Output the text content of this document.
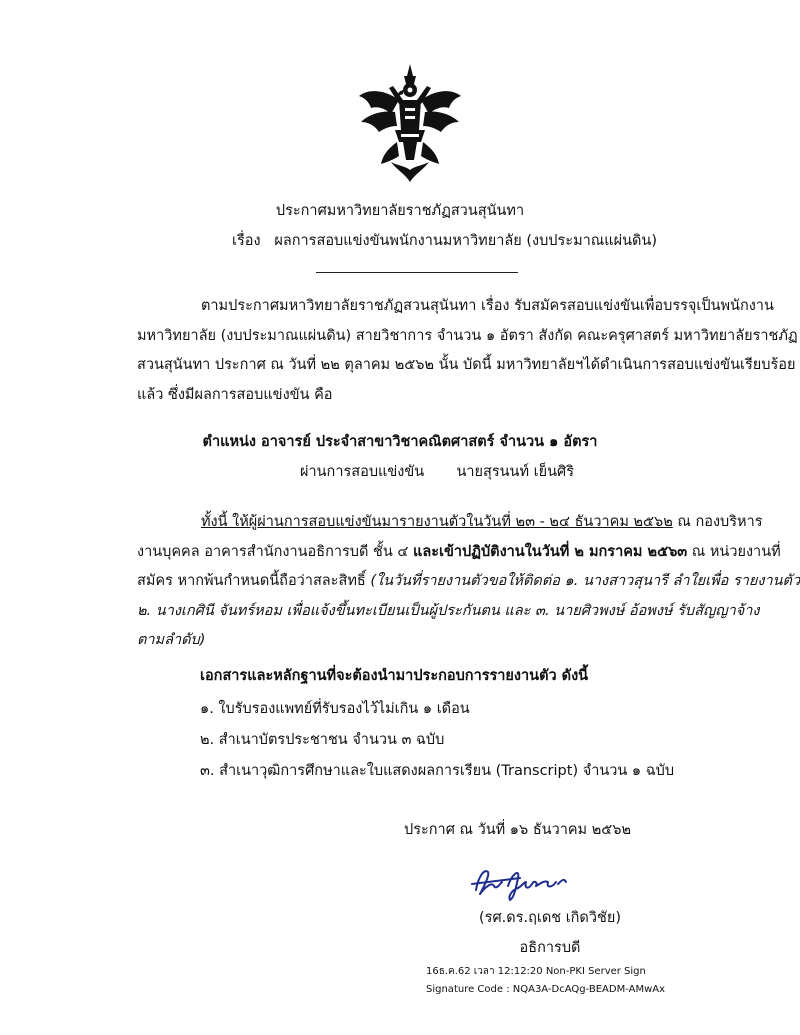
ประกาศมหาวิทยาลัยราชภัฏสวนสุนันทา
เรื่อง ผลการสอบแข่งขันพนักงานมหาวิทยาลัย (งบประมาณแผ่นดิน)
ตามประกาศมหาวิทยาลัยราชภัฏสวนสุนันทา เรื่อง รับสมัครสอบแข่งขันเพื่อบรรจุเป็นพนักงาน
มหาวิทยาลัย (งบประมาณแผ่นดิน) สายวิชาการ จำนวน ๑ อัตรา สังกัด คณะครุศาสตร์ มหาวิทยาลัยราชภัฏ
สวนสุนันทา ประกาศ ณ วันที่ ๒๒ ตุลาคม ๒๕๖๒ นั้น บัดนี้ มหาวิทยาลัยฯได้ดำเนินการสอบแข่งขันเรียบร้อย
แล้ว ซึ่งมีผลการสอบแข่งขัน คือ
ตำแหน่ง อาจารย์ ประจำสาขาวิชาคณิตศาสตร์ จำนวน ๑ อัตรา
ผ่านการสอบแข่งขัน นายสุรนนท์ เย็นศิริ
ทั้งนี้ ให้ผู้ผ่านการสอบแข่งขันมารายงานตัวในวันที่ ๒๓ - ๒๔ ธันวาคม ๒๕๖๒ ณ กองบริหาร
งานบุคคล อาคารสำนักงานอธิการบดี ชั้น ๔ และเข้าปฏิบัติงานในวันที่ ๒ มกราคม ๒๕๖๓ ณ หน่วยงานที่
สมัคร หากพ้นกำหนดนี้ถือว่าสละสิทธิ์ (ในวันที่รายงานตัวขอให้ติดต่อ ๑. นางสาวสุนารี ลำใยเพื่อ รายงานตัว
๒. นางเกศินี จันทร์หอม เพื่อแจ้งขึ้นทะเบียนเป็นผู้ประกันตน และ ๓. นายศิวพงษ์ อ้อพงษ์ รับสัญญาจ้าง
ตามลำดับ)
เอกสารและหลักฐานที่จะต้องนำมาประกอบการรายงานตัว ดังนี้
๑. ใบรับรองแพทย์ที่รับรองไว้ไม่เกิน ๑ เดือน
๒. สำเนาบัตรประชาชน จำนวน ๓ ฉบับ
๓. สำเนาวุฒิการศึกษาและใบแสดงผลการเรียน (Transcript) จำนวน ๑ ฉบับ
ประกาศ ณ วันที่ ๑๖ ธันวาคม ๒๕๖๒
(รศ.ดร.ฤเดช เกิดวิชัย)
อธิการบดี
16ธ.ค.62 เวลา 12:12:20 Non-PKI Server Sign
Signature Code : NQA3A-DcAQg-BEADM-AMwAx
